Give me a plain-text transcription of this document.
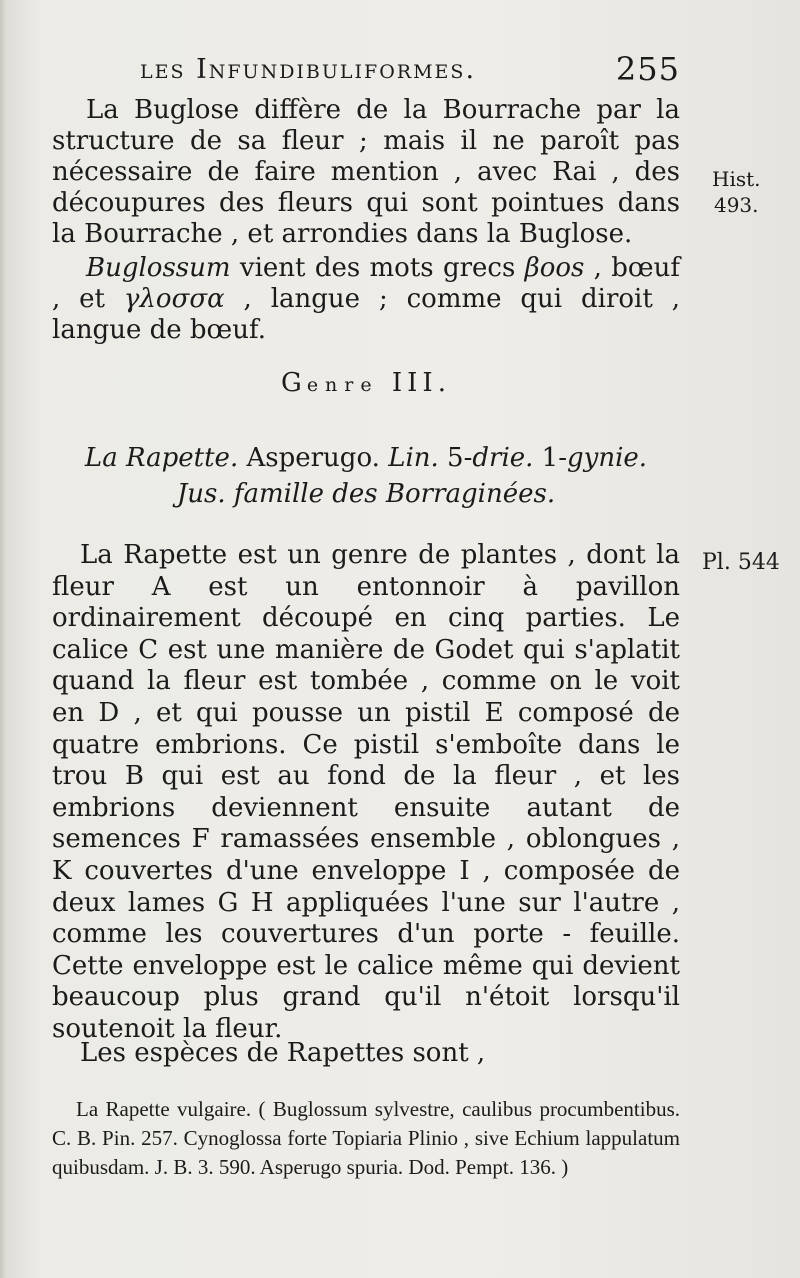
les Infundibuliformes.	255

La Buglose diffère de la Bourrache par la structure de sa fleur ; mais il ne paroît pas nécessaire de faire mention , avec Rai , des découpures des fleurs qui sont pointues dans la Bourrache , et arrondies dans la Buglose.

Buglossum vient des mots grecs βoos , bœuf , et γλοσσα , langue ; comme qui diroit , langue de bœuf.

Genre III.
La Rapette. Asperugo. Lin. 5-drie. 1-gynie.
Jus. famille des Borraginées.

La Rapette est un genre de plantes , dont la fleur A est un entonnoir à pavillon ordinairement découpé en cinq parties. Le calice C est une manière de Godet qui s'aplatit quand la fleur est tombée , comme on le voit en D , et qui pousse un pistil E composé de quatre embrions. Ce pistil s'emboîte dans le trou B qui est au fond de la fleur , et les embrions deviennent ensuite autant de semences F ramassées ensemble , oblongues , K couvertes d'une enveloppe I , composée de deux lames G H appliquées l'une sur l'autre , comme les couvertures d'un porte - feuille. Cette enveloppe est le calice même qui devient beaucoup plus grand qu'il n'étoit lorsqu'il soutenoit la fleur.

Les espèces de Rapettes sont ,

La Rapette vulgaire. ( Buglossum sylvestre, caulibus procumbentibus. C. B. Pin. 257. Cynoglossa forte Topiaria Plinio , sive Echium lappulatum quibusdam. J. B. 3. 590. Asperugo spuria. Dod. Pempt. 136. )

Hist.
493.
Pl. 544
